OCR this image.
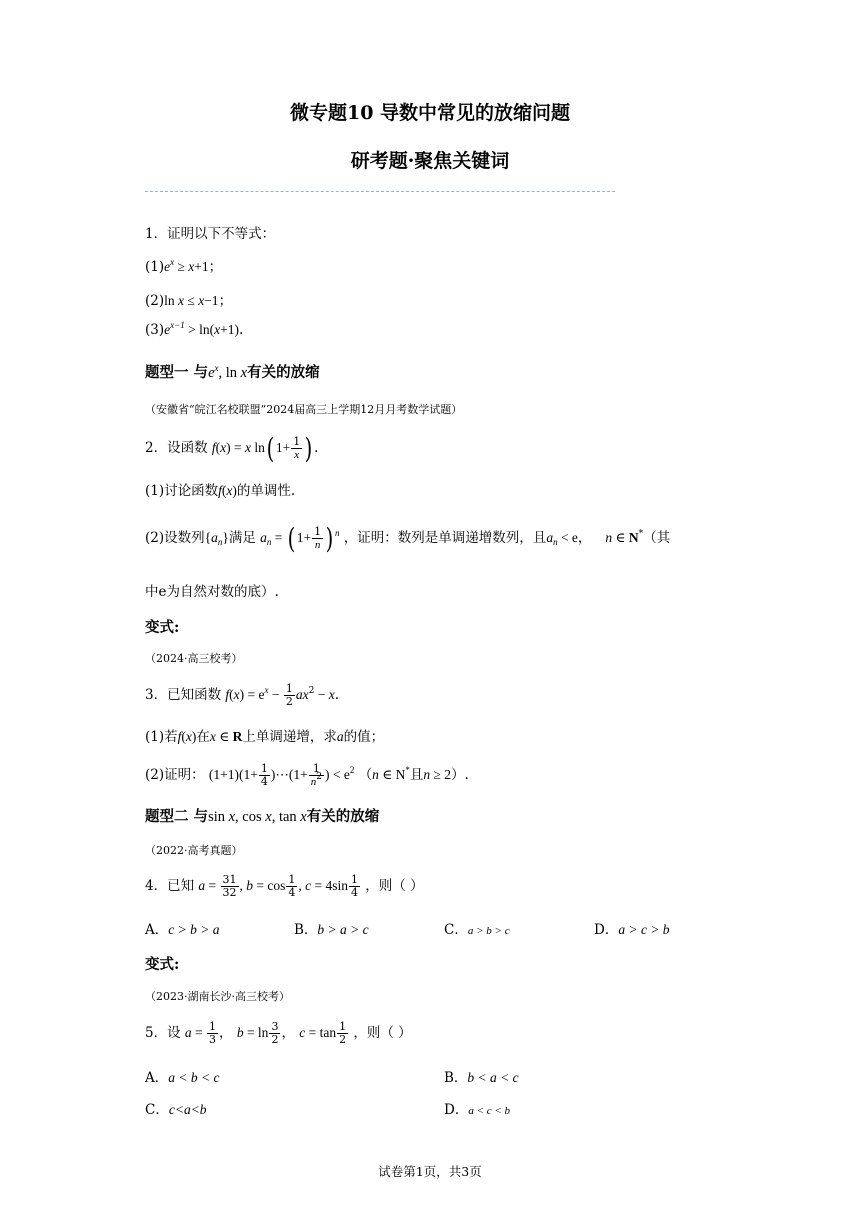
微专题10 导数中常见的放缩问题
研考题·聚焦关键词
1．证明以下不等式：
$(1)e^x \ge x+1$；
(2)ln x ≤ x−1；
$(3)e^{x-1} > \ln(x+1)$.
题型一 与$e^x$, ln x有关的放缩
（安徽省“皖江名校联盟”2024届高三上学期12月月考数学试题）
2．设函数 f(x) = x ln( $1+ \frac{1}{x}$ ) .
(1)讨论函数f(x)的单调性.
(2)设数列$\{a_n\}$满足 $a_n$ = ( $1+ \frac{1}{n}$ ) $^n$ ，证明：数列是单调递增数列，且$a_n < e$， n ∈ N*（其
中e为自然对数的底）.
变式:
（2024·高三校考）
3．已知函数 $f(x) = e^x - \frac{1}{2} ax^2 - x$.
(1)若f(x)在x ∈ R上单调递增，求a的值；
(2)证明： $(1+1)(1+ \frac{1}{4}$ )⋯(1+ $\frac{1}{n^2}$ ) < $e^2$ （n ∈ N*且n ≥ 2）.
题型二 与sin x, cos x, tan x有关的放缩
（2022·高考真题）
4．已知 $a = \frac{31}{32}$ , $b = \cos \frac{1}{4}$ , $c = 4\sin \frac{1}{4}$ ，则（ ）
A．c > b > a	B．b > a > c	C．a > b > c	D．a > c > b
变式:
（2023·湖南长沙·高三校考）
5．设 $a = \frac{1}{3}$ ， $b = \ln \frac{3}{2}$ ， $c = \tan \frac{1}{2}$ ，则（ ）
A．a < b < c	B．b < a < c
C．c<a<b	D．a < c < b
试卷第1页，共3页
